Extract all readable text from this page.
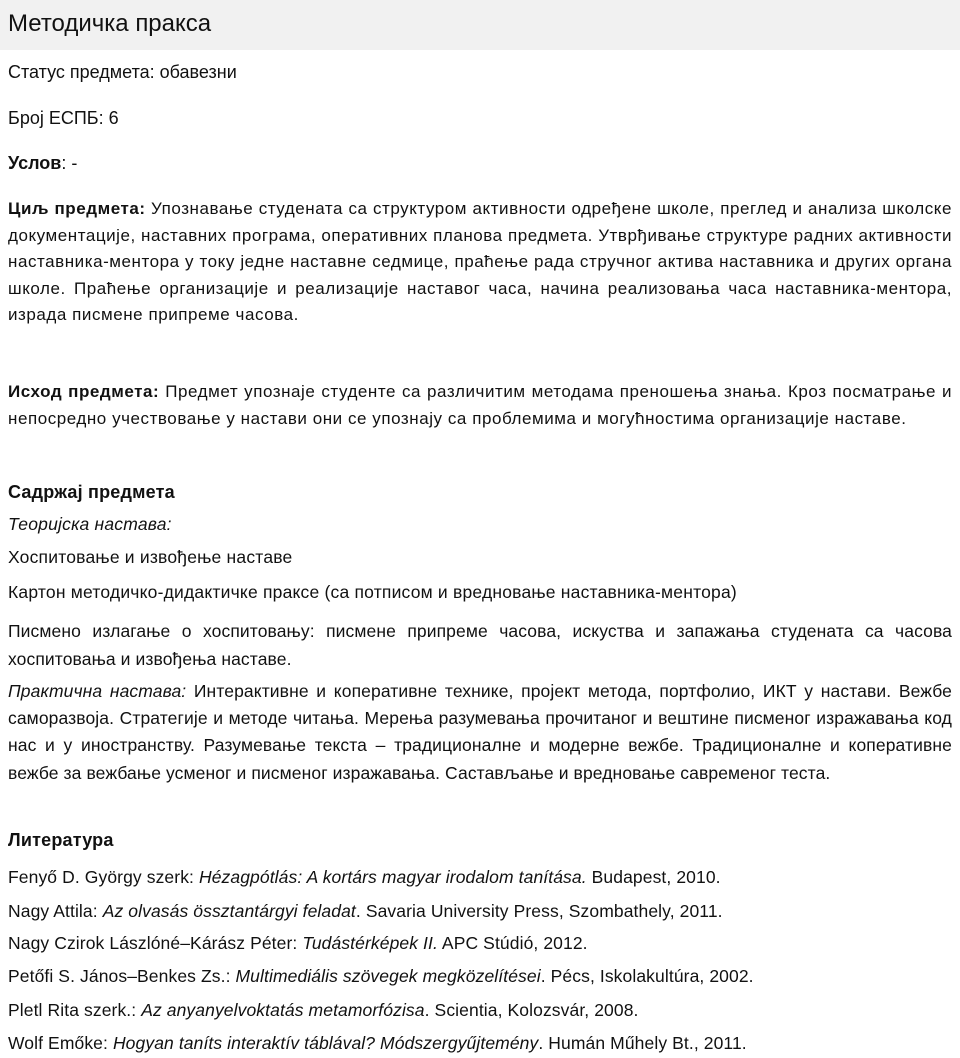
Методичка пракса

Статус предмета: обавезни

Број ЕСПБ: 6

Услов: -

Циљ предмета: Упознавање студената са структуром активности одређене школе, преглед и анализа школске документације, наставних програма, оперативних планова предмета. Утврђивање структуре радних активности наставника-ментора у току једне наставне седмице, праћење рада стручног актива наставника и других органа школе. Праћење организације и реализације наставог часа, начина реализовања часа наставника-ментора, израда писмене припреме часова.

Исход предмета: Предмет упознаје студенте са различитим методама преношења знања. Кроз посматрање и непосредно учествовање у настави они се упознају са проблемима и могућностима организације наставе.

Садржај предмета

Теоријска настава:

Хоспитовање и извођење наставе

Картон методичко-дидактичке праксе (са потписом и вредновање наставника-ментора)

Писмено излагање о хоспитовању: писмене припреме часова, искуства и запажања студената са часова хоспитовања и извођења наставе.

Практична настава: Интерактивне и коперативне технике, пројект метода, портфолио, ИКТ у настави. Вежбе саморазвоја. Стратегије и методе читања. Мерења разумевања прочитаног и вештине писменог изражавања код нас и у иностранству. Разумевање текста – традиционалне и модерне вежбе. Традиционалне и коперативне вежбе за вежбање усменог и писменог изражавања. Састављање и вредновање савременог теста.

Литература

Fenyő D. György szerk: Hézagpótlás: A kortárs magyar irodalom tanítása. Budapest, 2010.

Nagy Attila: Az olvasás össztantárgyi feladat. Savaria University Press, Szombathely, 2011.

Nagy Czirok Lászlóné–Kárász Péter: Tudástérképek II. APC Stúdió, 2012.

Petőfi S. János–Benkes Zs.: Multimediális szövegek megközelítései. Pécs, Iskolakultúra, 2002.

Pletl Rita szerk.: Az anyanyelvoktatás metamorfózisa. Scientia, Kolozsvár, 2008.

Wolf Emőke: Hogyan taníts interaktív táblával? Módszergyűjtemény. Humán Műhely Bt., 2011.
